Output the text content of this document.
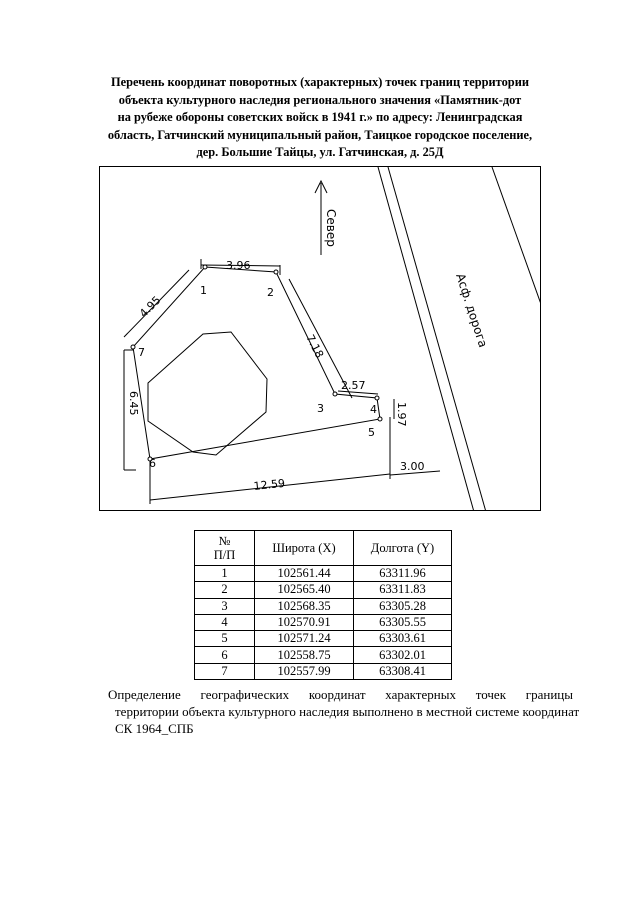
Перечень координат поворотных (характерных) точек границ территории
объекта культурного наследия регионального значения «Памятник-дот
на рубеже обороны советских войск в 1941 г.» по адресу: Ленинградская
область, Гатчинский муниципальный район, Таицкое городское поселение,
дер. Большие Тайцы, ул. Гатчинская, д. 25Д
Север
Асф. дорога
1	2
3	4
5
6
7
3.96
7.18
2.57
1.97
3.00
12.59
6.45
4.95
№
П/П	Широта (X)	Долгота (Y)
1	102561.44	63311.96
2	102565.40	63311.83
3	102568.35	63305.28
4	102570.91	63305.55
5	102571.24	63303.61
6	102558.75	63302.01
7	102557.99	63308.41

Определение географических координат характерных точек границы
территории объекта культурного наследия выполнено в местной системе координат
СК 1964_СПБ
